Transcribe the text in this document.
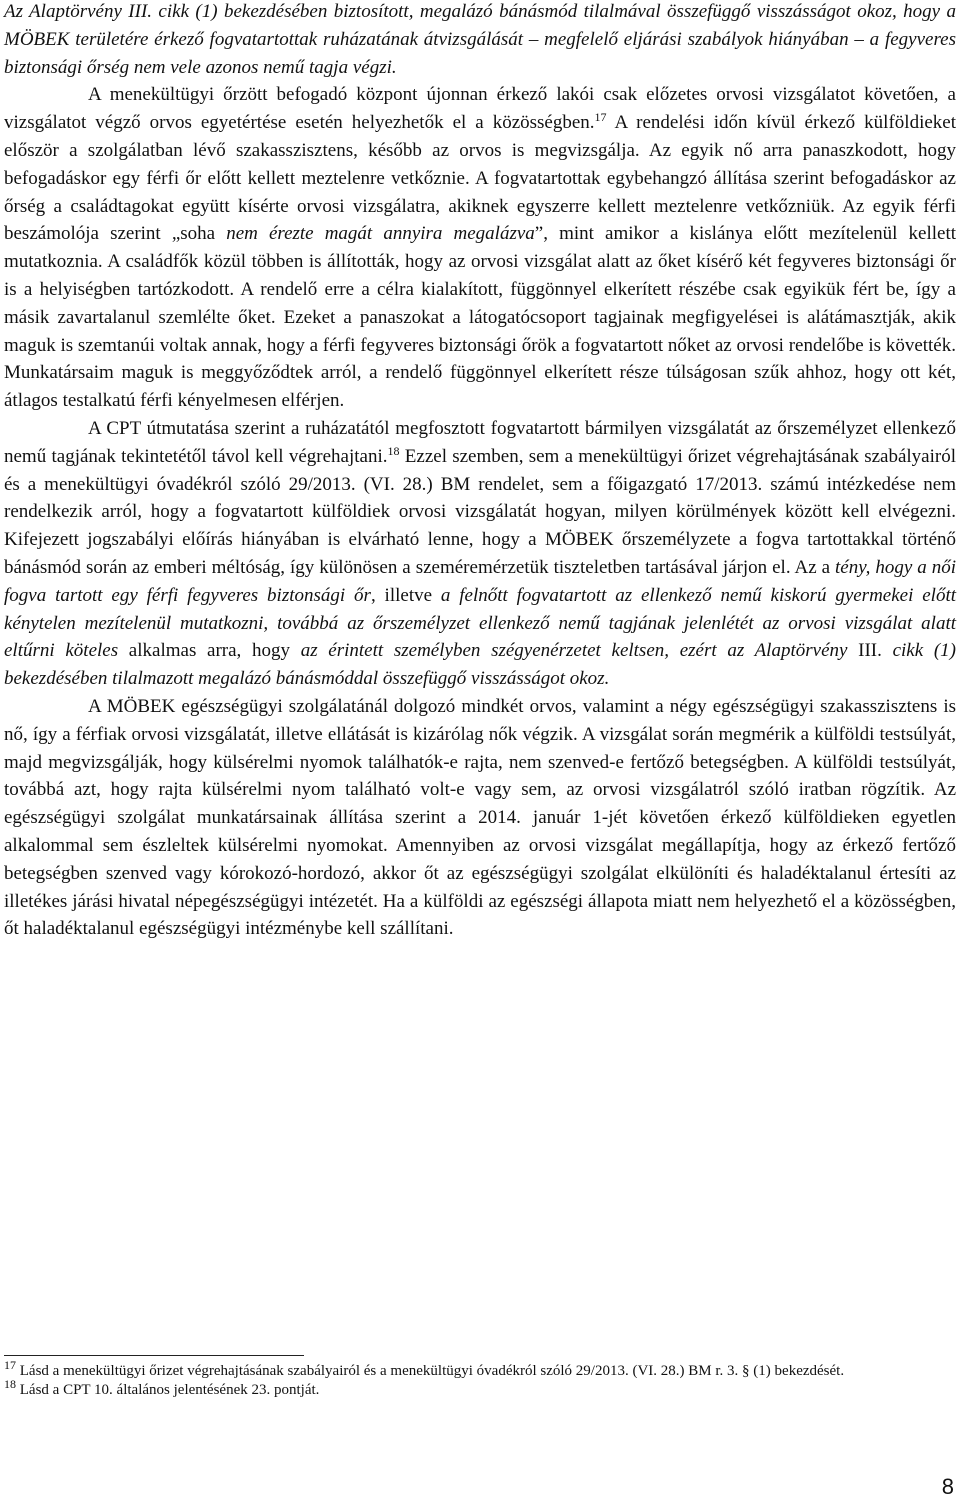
Az Alaptörvény III. cikk (1) bekezdésében biztosított, megalázó bánásmód tilalmával összefüggő visszásságot okoz, hogy a MÖBEK területére érkező fogvatartottak ruházatának átvizsgálását – megfelelő eljárási szabályok hiányában – a fegyveres biztonsági őrség nem vele azonos nemű tagja végzi.

A menekültügyi őrzött befogadó központ újonnan érkező lakói csak előzetes orvosi vizsgálatot követően, a vizsgálatot végző orvos egyetértése esetén helyezhetők el a közösségben.$^{17}$ A rendelési időn kívül érkező külföldieket először a szolgálatban lévő szakasszisztens, később az orvos is megvizsgálja. Az egyik nő arra panaszkodott, hogy befogadáskor egy férfi őr előtt kellett meztelenre vetkőznie. A fogvatartottak egybehangzó állítása szerint befogadáskor az őrség a családtagokat együtt kísérte orvosi vizsgálatra, akiknek egyszerre kellett meztelenre vetkőzniük. Az egyik férfi beszámolója szerint „soha nem érezte magát annyira megalázva”, mint amikor a kislánya előtt mezítelenül kellett mutatkoznia. A családfők közül többen is állították, hogy az orvosi vizsgálat alatt az őket kísérő két fegyveres biztonsági őr is a helyiségben tartózkodott. A rendelő erre a célra kialakított, függönnyel elkerített részébe csak egyikük fért be, így a másik zavartalanul szemlélte őket. Ezeket a panaszokat a látogatócsoport tagjainak megfigyelései is alátámasztják, akik maguk is szemtanúi voltak annak, hogy a férfi fegyveres biztonsági őrök a fogvatartott nőket az orvosi rendelőbe is követték. Munkatársaim maguk is meggyőződtek arról, a rendelő függönnyel elkerített része túlságosan szűk ahhoz, hogy ott két, átlagos testalkatú férfi kényelmesen elférjen.

A CPT útmutatása szerint a ruházatától megfosztott fogvatartott bármilyen vizsgálatát az őrszemélyzet ellenkező nemű tagjának tekintetétől távol kell végrehajtani.$^{18}$ Ezzel szemben, sem a menekültügyi őrizet végrehajtásának szabályairól és a menekültügyi óvadékról szóló 29/2013. (VI. 28.) BM rendelet, sem a főigazgató 17/2013. számú intézkedése nem rendelkezik arról, hogy a fogvatartott külföldiek orvosi vizsgálatát hogyan, milyen körülmények között kell elvégezni. Kifejezett jogszabályi előírás hiányában is elvárható lenne, hogy a MÖBEK őrszemélyzete a fogva tartottakkal történő bánásmód során az emberi méltóság, így különösen a szeméremérzetük tiszteletben tartásával járjon el. Az a tény, hogy a női fogva tartott egy férfi fegyveres biztonsági őr, illetve a felnőtt fogvatartott az ellenkező nemű kiskorú gyermekei előtt kénytelen mezítelenül mutatkozni, továbbá az őrszemélyzet ellenkező nemű tagjának jelenlétét az orvosi vizsgálat alatt eltűrni köteles alkalmas arra, hogy az érintett személyben szégyenérzetet keltsen, ezért az Alaptörvény III. cikk (1) bekezdésében tilalmazott megalázó bánásmóddal összefüggő visszásságot okoz.

A MÖBEK egészségügyi szolgálatánál dolgozó mindkét orvos, valamint a négy egészségügyi szakasszisztens is nő, így a férfiak orvosi vizsgálatát, illetve ellátását is kizárólag nők végzik. A vizsgálat során megmérik a külföldi testsúlyát, majd megvizsgálják, hogy külsérelmi nyomok találhatók-e rajta, nem szenved-e fertőző betegségben. A külföldi testsúlyát, továbbá azt, hogy rajta külsérelmi nyom található volt-e vagy sem, az orvosi vizsgálatról szóló iratban rögzítik. Az egészségügyi szolgálat munkatársainak állítása szerint a 2014. január 1-jét követően érkező külföldieken egyetlen alkalommal sem észleltek külsérelmi nyomokat. Amennyiben az orvosi vizsgálat megállapítja, hogy az érkező fertőző betegségben szenved vagy kórokozó-hordozó, akkor őt az egészségügyi szolgálat elkülöníti és haladéktalanul értesíti az illetékes járási hivatal népegészségügyi intézetét. Ha a külföldi az egészségi állapota miatt nem helyezhető el a közösségben, őt haladéktalanul egészségügyi intézménybe kell szállítani.

$^{17}$ Lásd a menekültügyi őrizet végrehajtásának szabályairól és a menekültügyi óvadékról szóló 29/2013. (VI. 28.) BM r. 3. § (1) bekezdését.

$^{18}$ Lásd a CPT 10. általános jelentésének 23. pontját.

8
